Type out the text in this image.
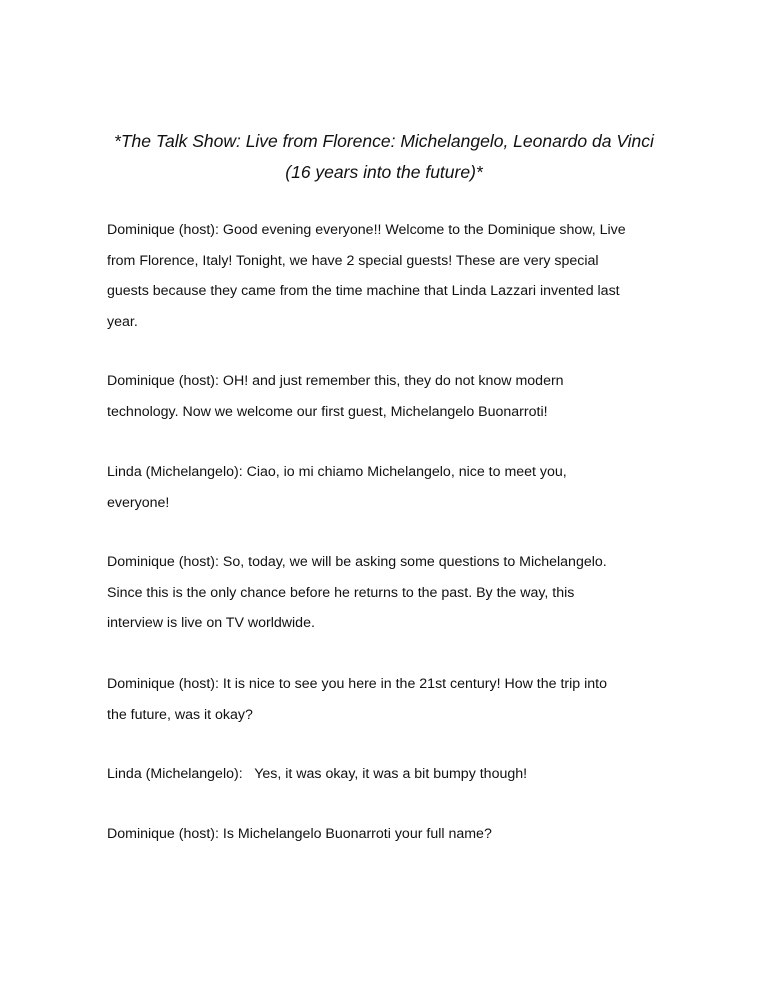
*The Talk Show: Live from Florence: Michelangelo, Leonardo da Vinci
(16 years into the future)*
Dominique (host): Good evening everyone!! Welcome to the Dominique show, Live
from Florence, Italy! Tonight, we have 2 special guests! These are very special
guests because they came from the time machine that Linda Lazzari invented last
year.
Dominique (host): OH! and just remember this, they do not know modern
technology. Now we welcome our first guest, Michelangelo Buonarroti!
Linda (Michelangelo): Ciao, io mi chiamo Michelangelo, nice to meet you,
everyone!
Dominique (host): So, today, we will be asking some questions to Michelangelo.
Since this is the only chance before he returns to the past. By the way, this
interview is live on TV worldwide.
Dominique (host): It is nice to see you here in the 21st century! How the trip into
the future, was it okay?
Linda (Michelangelo):   Yes, it was okay, it was a bit bumpy though!
Dominique (host): Is Michelangelo Buonarroti your full name?
